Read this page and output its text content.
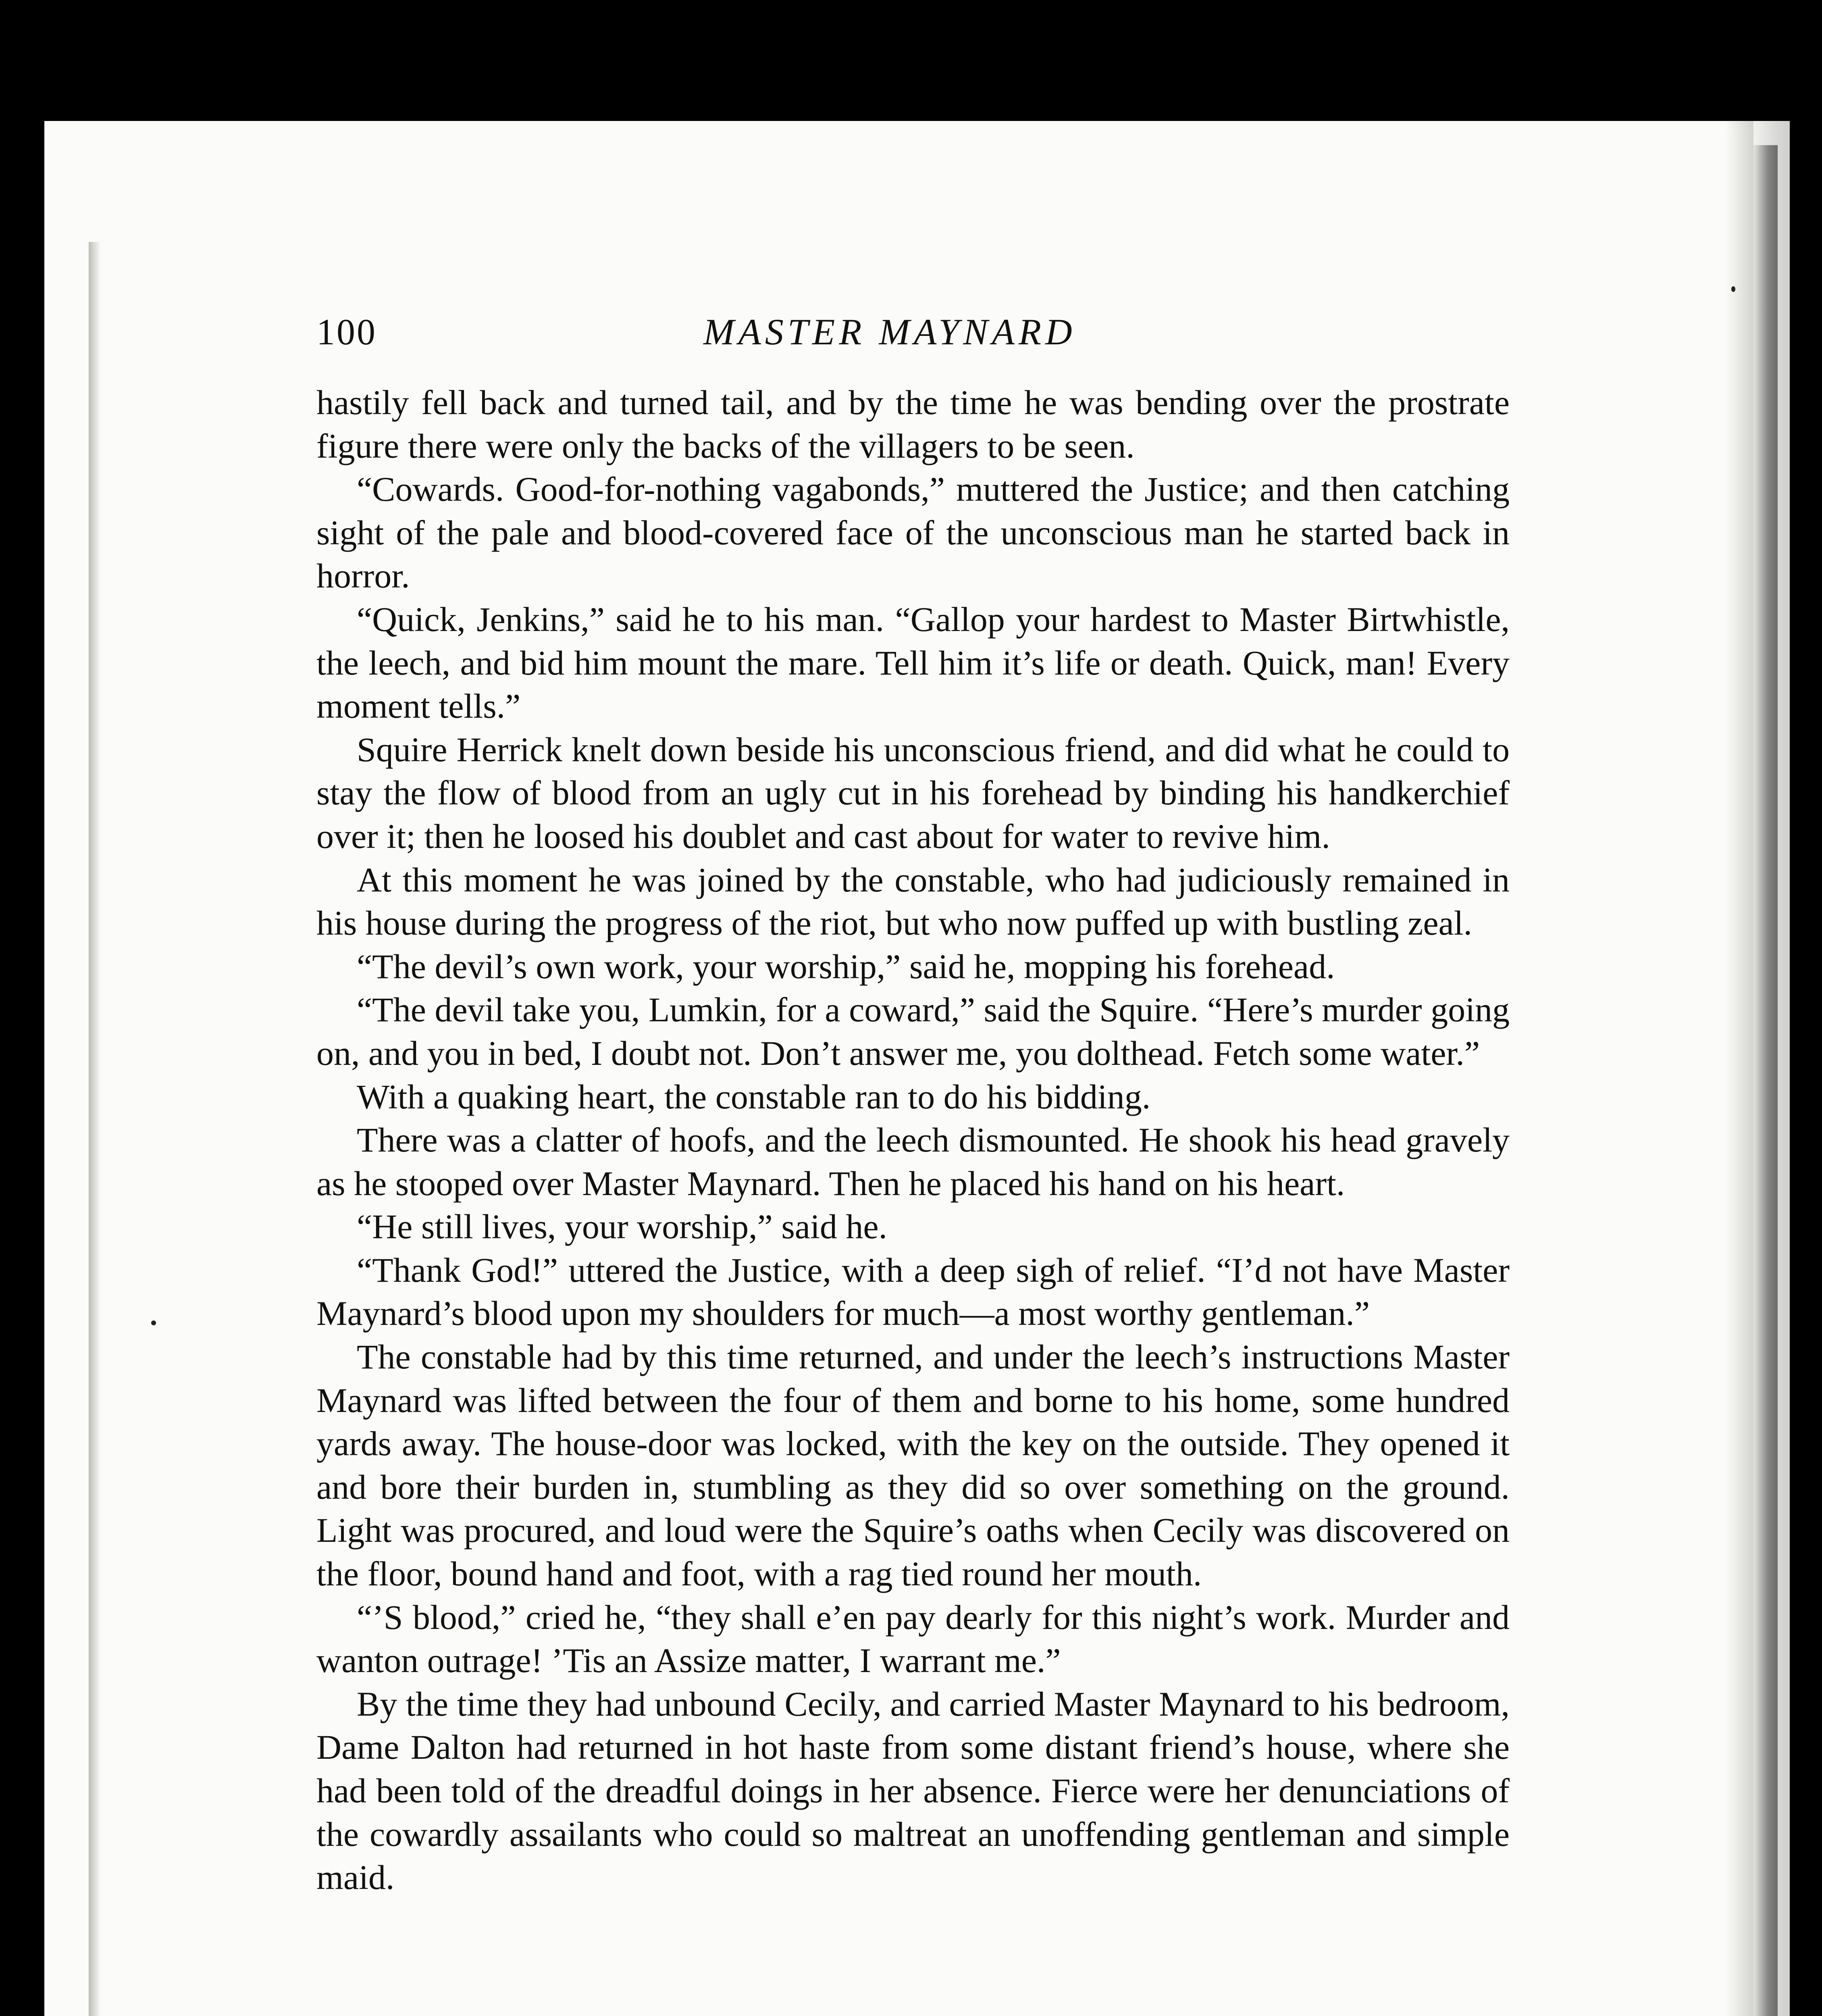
100	MASTER MAYNARD

hastily fell back and turned tail, and by the time he was bending over the prostrate figure there were only the backs of the villagers to be seen.

“Cowards. Good-for-nothing vagabonds,” muttered the Justice; and then catching sight of the pale and blood-covered face of the unconscious man he started back in horror.

“Quick, Jenkins,” said he to his man. “Gallop your hardest to Master Birtwhistle, the leech, and bid him mount the mare. Tell him it’s life or death. Quick, man! Every moment tells.”

Squire Herrick knelt down beside his unconscious friend, and did what he could to stay the flow of blood from an ugly cut in his forehead by binding his handkerchief over it; then he loosed his doublet and cast about for water to revive him.

At this moment he was joined by the constable, who had judiciously remained in his house during the progress of the riot, but who now puffed up with bustling zeal.

“The devil’s own work, your worship,” said he, mopping his forehead.

“The devil take you, Lumkin, for a coward,” said the Squire. “Here’s murder going on, and you in bed, I doubt not. Don’t answer me, you dolthead. Fetch some water.”

With a quaking heart, the constable ran to do his bidding.

There was a clatter of hoofs, and the leech dismounted. He shook his head gravely as he stooped over Master Maynard. Then he placed his hand on his heart.

“He still lives, your worship,” said he.

“Thank God!” uttered the Justice, with a deep sigh of relief. “I’d not have Master Maynard’s blood upon my shoulders for much—a most worthy gentleman.”

The constable had by this time returned, and under the leech’s instructions Master Maynard was lifted between the four of them and borne to his home, some hundred yards away. The house-door was locked, with the key on the outside. They opened it and bore their burden in, stumbling as they did so over something on the ground. Light was procured, and loud were the Squire’s oaths when Cecily was discovered on the floor, bound hand and foot, with a rag tied round her mouth.

“’S blood,” cried he, “they shall e’en pay dearly for this night’s work. Murder and wanton outrage! ’Tis an Assize matter, I warrant me.”

By the time they had unbound Cecily, and carried Master Maynard to his bedroom, Dame Dalton had returned in hot haste from some distant friend’s house, where she had been told of the dreadful doings in her absence. Fierce were her denunciations of the cowardly assailants who could so maltreat an unoffending gentleman and simple maid.
